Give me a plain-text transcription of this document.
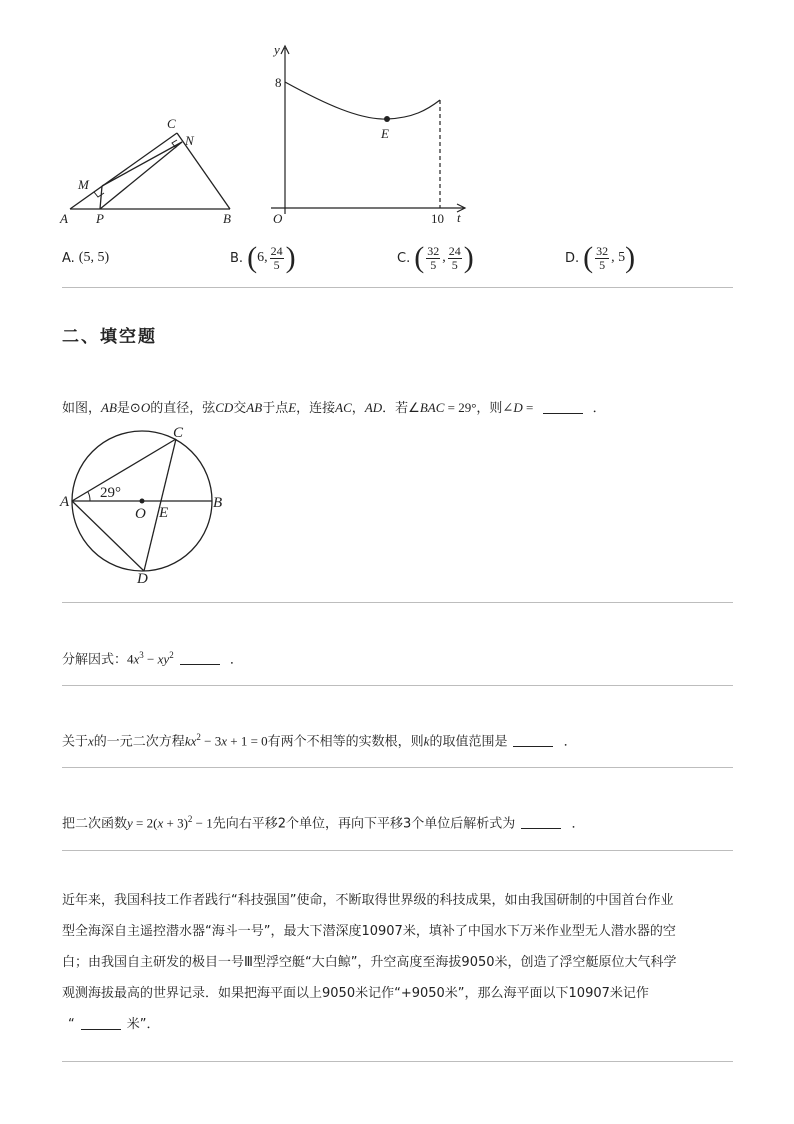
A	B
C
M
N
P
8
y
E
O	10 t
A. (5, 5)	B. ( 6, $\frac{24}{5}$ )	C. ( $\frac{32}{5}$ , $\frac{24}{5}$ )	D. ( $\frac{32}{5}$ , 5 )
二、填空题
如图，AB是⊙O的直径，弦CD交AB于点E，连接AC，AD．若∠BAC = 29°，则∠D =	．
A	B
C
D
O E
29°
分解因式：$4x^3 - xy^2$	．
关于x的一元二次方程$kx^2 - 3x + 1 = 0$有两个不相等的实数根，则k的取值范围是	．
把二次函数$y = 2(x + 3)^2 - 1$先向右平移2个单位，再向下平移3个单位后解析式为	．
近年来，我国科技工作者践行“科技强国”使命，不断取得世界级的科技成果，如由我国研制的中国首台作业
型全海深自主遥控潜水器“海斗一号”，最大下潜深度10907米，填补了中国水下万米作业型无人潜水器的空
白；由我国自主研发的极目一号Ⅲ型浮空艇“大白鲸”，升空高度至海拔9050米，创造了浮空艇原位大气科学
观测海拔最高的世界记录．如果把海平面以上9050米记作“+9050米”，那么海平面以下10907米记作
“	米”．
